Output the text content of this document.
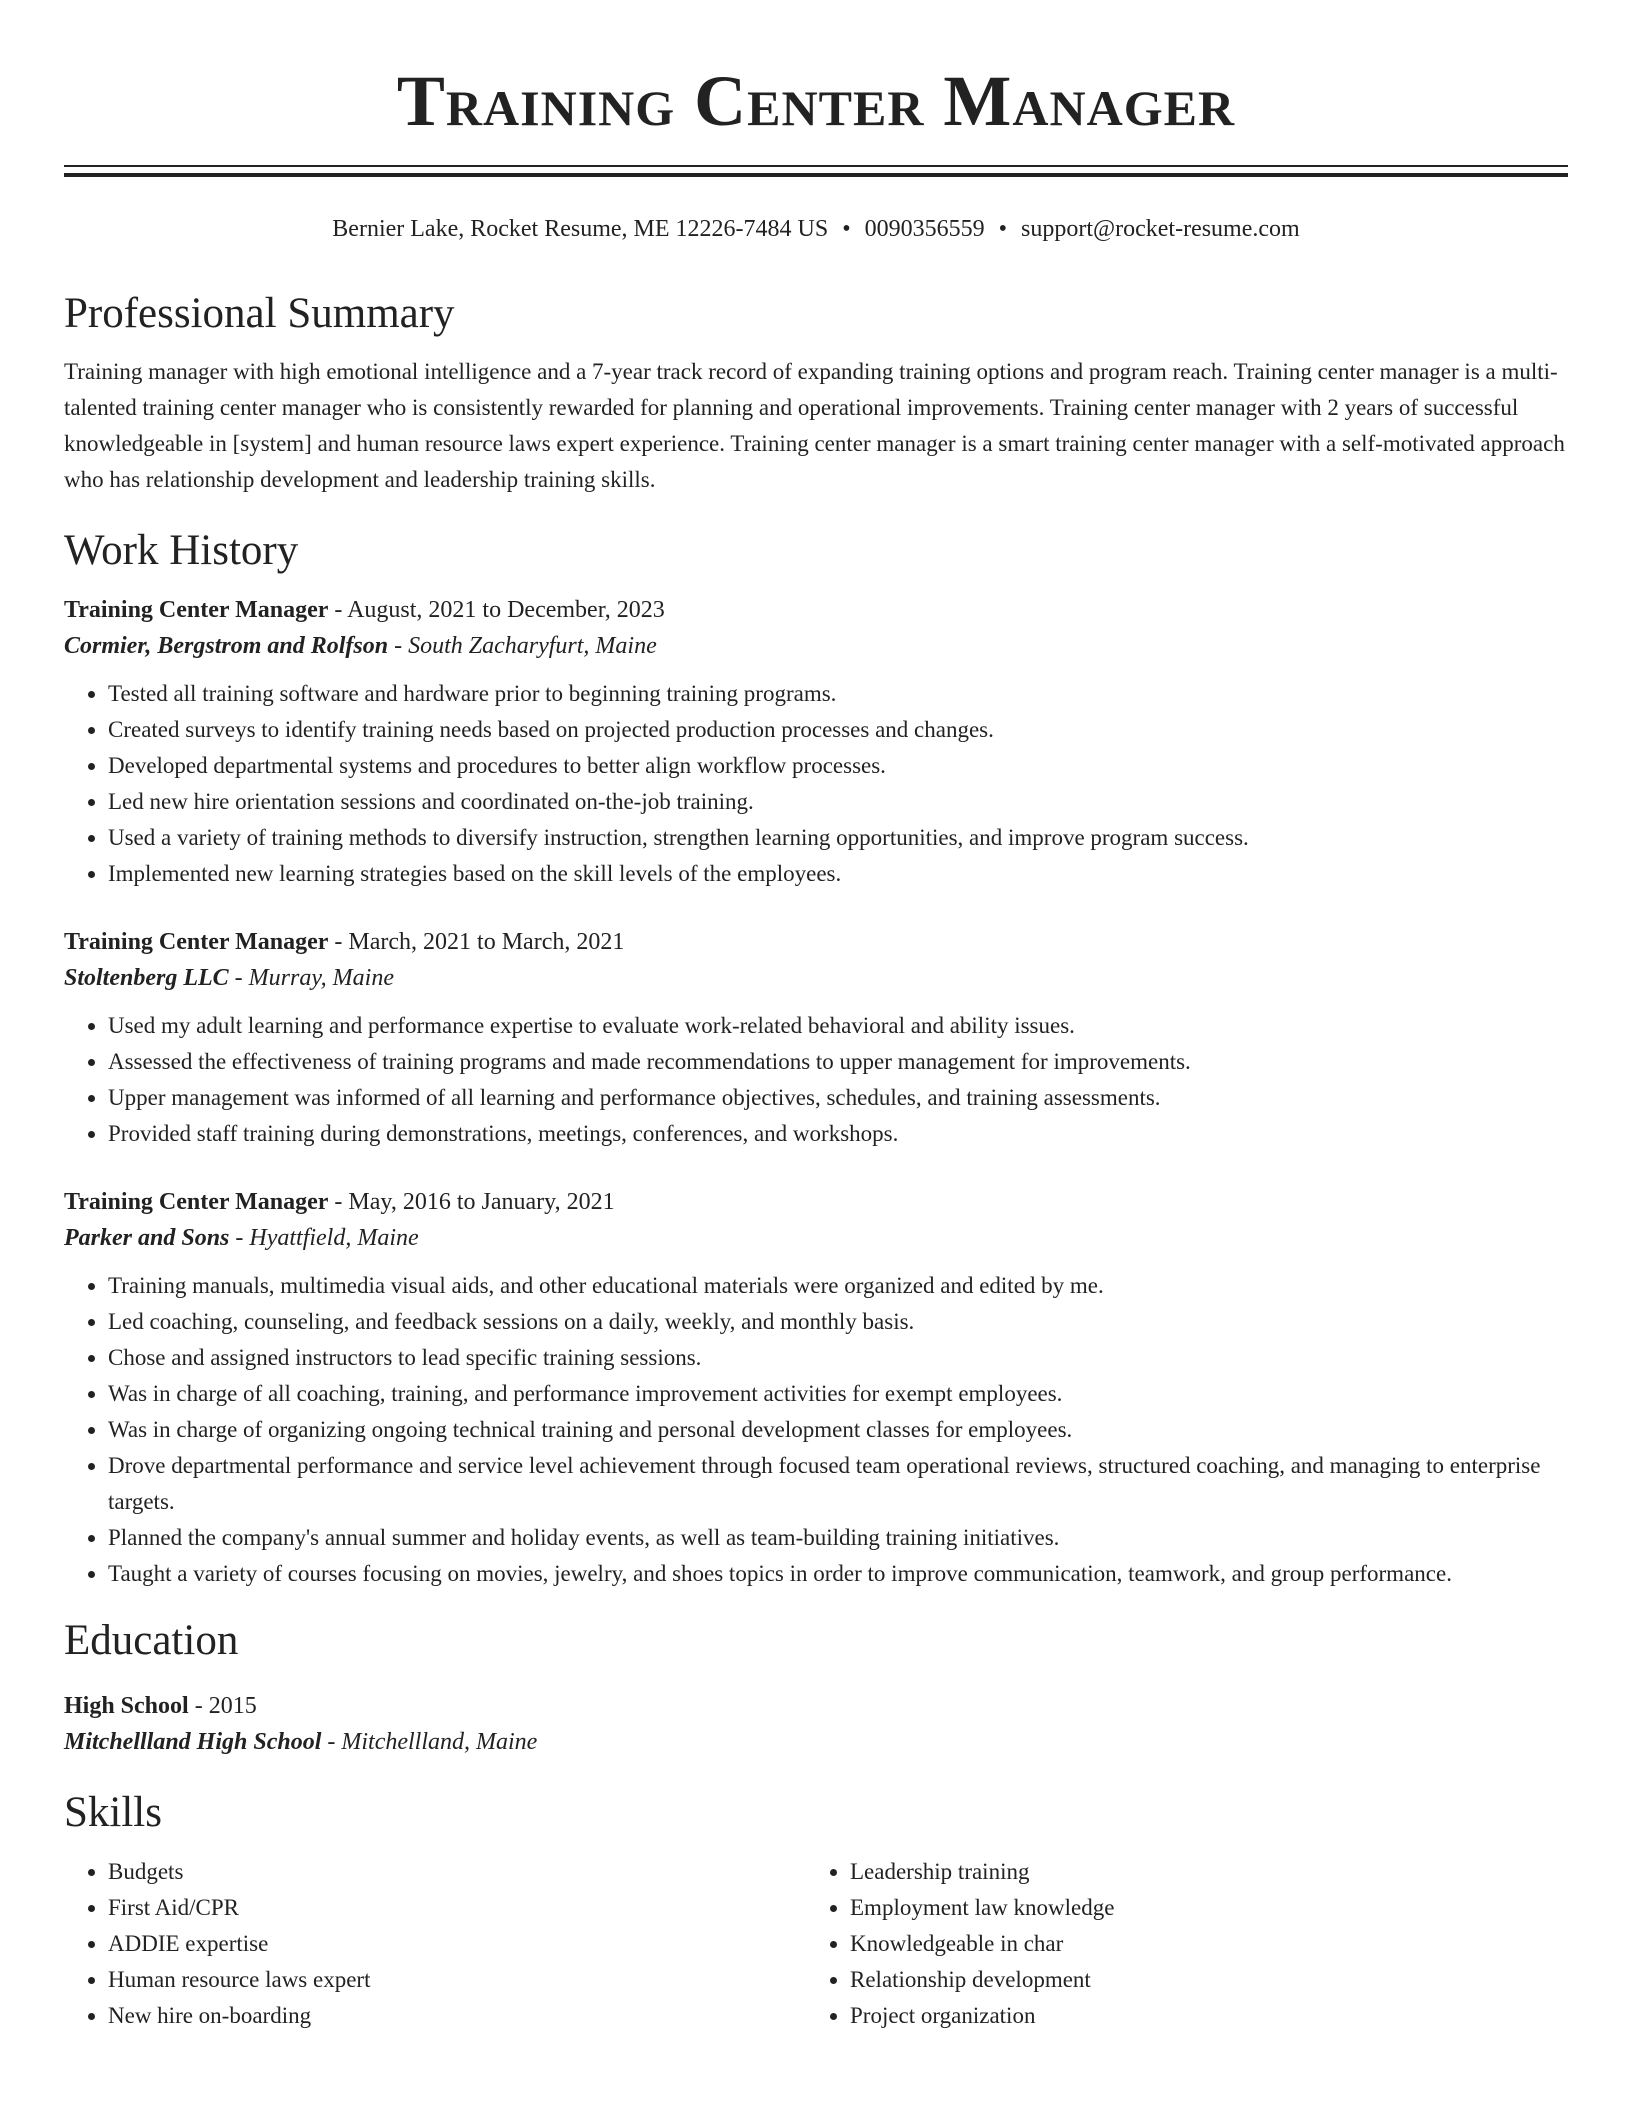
Training Center Manager
Bernier Lake, Rocket Resume, ME 12226-7484 US • 0090356559 • support@rocket-resume.com
Professional Summary
Training manager with high emotional intelligence and a 7-year track record of expanding training options and program reach. Training center manager is a multi-talented training center manager who is consistently rewarded for planning and operational improvements. Training center manager with 2 years of successful knowledgeable in [system] and human resource laws expert experience. Training center manager is a smart training center manager with a self-motivated approach who has relationship development and leadership training skills.
Work History
Training Center Manager - August, 2021 to December, 2023
Cormier, Bergstrom and Rolfson - South Zacharyfurt, Maine
• Tested all training software and hardware prior to beginning training programs.
• Created surveys to identify training needs based on projected production processes and changes.
• Developed departmental systems and procedures to better align workflow processes.
• Led new hire orientation sessions and coordinated on-the-job training.
• Used a variety of training methods to diversify instruction, strengthen learning opportunities, and improve program success.
• Implemented new learning strategies based on the skill levels of the employees.
Training Center Manager - March, 2021 to March, 2021
Stoltenberg LLC - Murray, Maine
• Used my adult learning and performance expertise to evaluate work-related behavioral and ability issues.
• Assessed the effectiveness of training programs and made recommendations to upper management for improvements.
• Upper management was informed of all learning and performance objectives, schedules, and training assessments.
• Provided staff training during demonstrations, meetings, conferences, and workshops.
Training Center Manager - May, 2016 to January, 2021
Parker and Sons - Hyattfield, Maine
• Training manuals, multimedia visual aids, and other educational materials were organized and edited by me.
• Led coaching, counseling, and feedback sessions on a daily, weekly, and monthly basis.
• Chose and assigned instructors to lead specific training sessions.
• Was in charge of all coaching, training, and performance improvement activities for exempt employees.
• Was in charge of organizing ongoing technical training and personal development classes for employees.
• Drove departmental performance and service level achievement through focused team operational reviews, structured coaching, and managing to enterprise targets.
• Planned the company's annual summer and holiday events, as well as team-building training initiatives.
• Taught a variety of courses focusing on movies, jewelry, and shoes topics in order to improve communication, teamwork, and group performance.
Education
High School - 2015
Mitchellland High School - Mitchellland, Maine
Skills
• Budgets
• First Aid/CPR
• ADDIE expertise
• Human resource laws expert
• New hire on-boarding
• Leadership training
• Employment law knowledge
• Knowledgeable in char
• Relationship development
• Project organization
